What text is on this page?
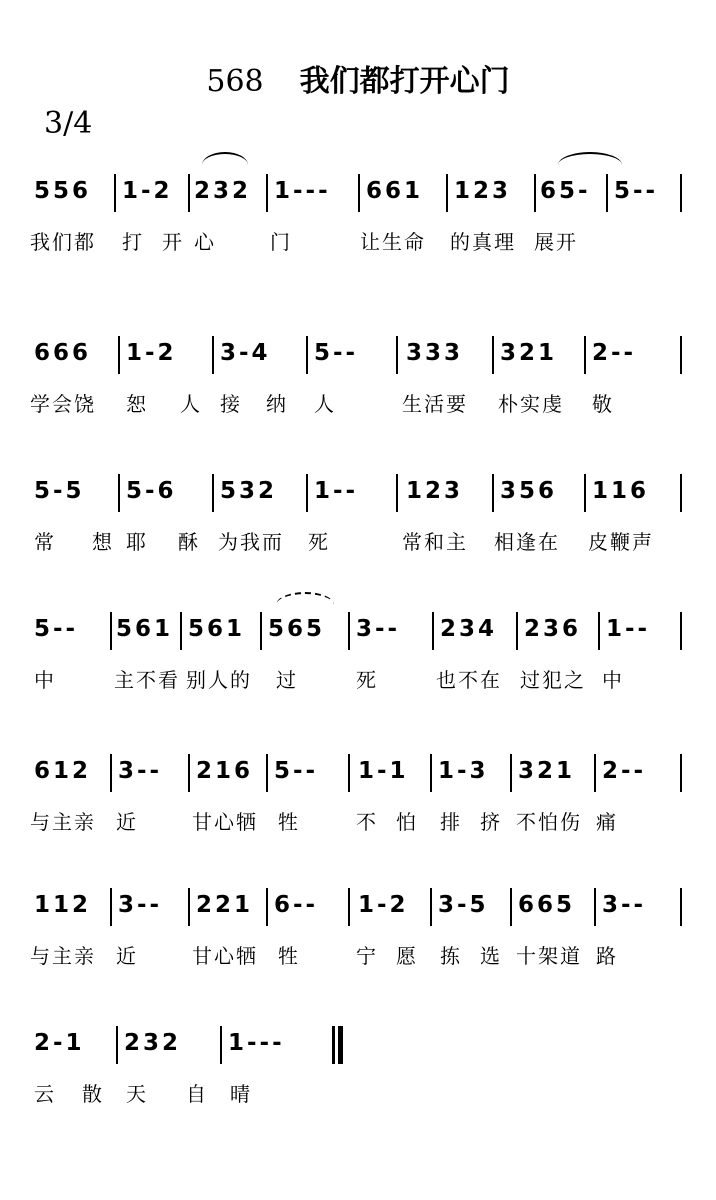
568 我们都打开心门
3/4
556 1-2 232 1--- 661 123 65- 5--
我们都 打 开 心	门	让生命 的真理 展开
666 1-2 3-4 5-- 333 321 2--
学会饶 恕 人 接 纳 人	生活要 朴实虔 敬
5-5 5-6 532 1-- 123 356 116
常 想 耶 酥 为我而 死	常和主 相逢在 皮鞭声
5-- 561 561 565 3-- 234 236 1--
中	主不看 别人的 过	死	也不在 过犯之 中
612 3-- 216 5-- 1-1 1-3 321 2--
与主亲 近	甘心牺 牲	不 怕 排 挤 不怕伤 痛
112 3-- 221 6-- 1-2 3-5 665 3--
与主亲 近	甘心牺 牲	宁 愿 拣 选 十架道 路
2-1 232 1---
云 散 天 自 晴
